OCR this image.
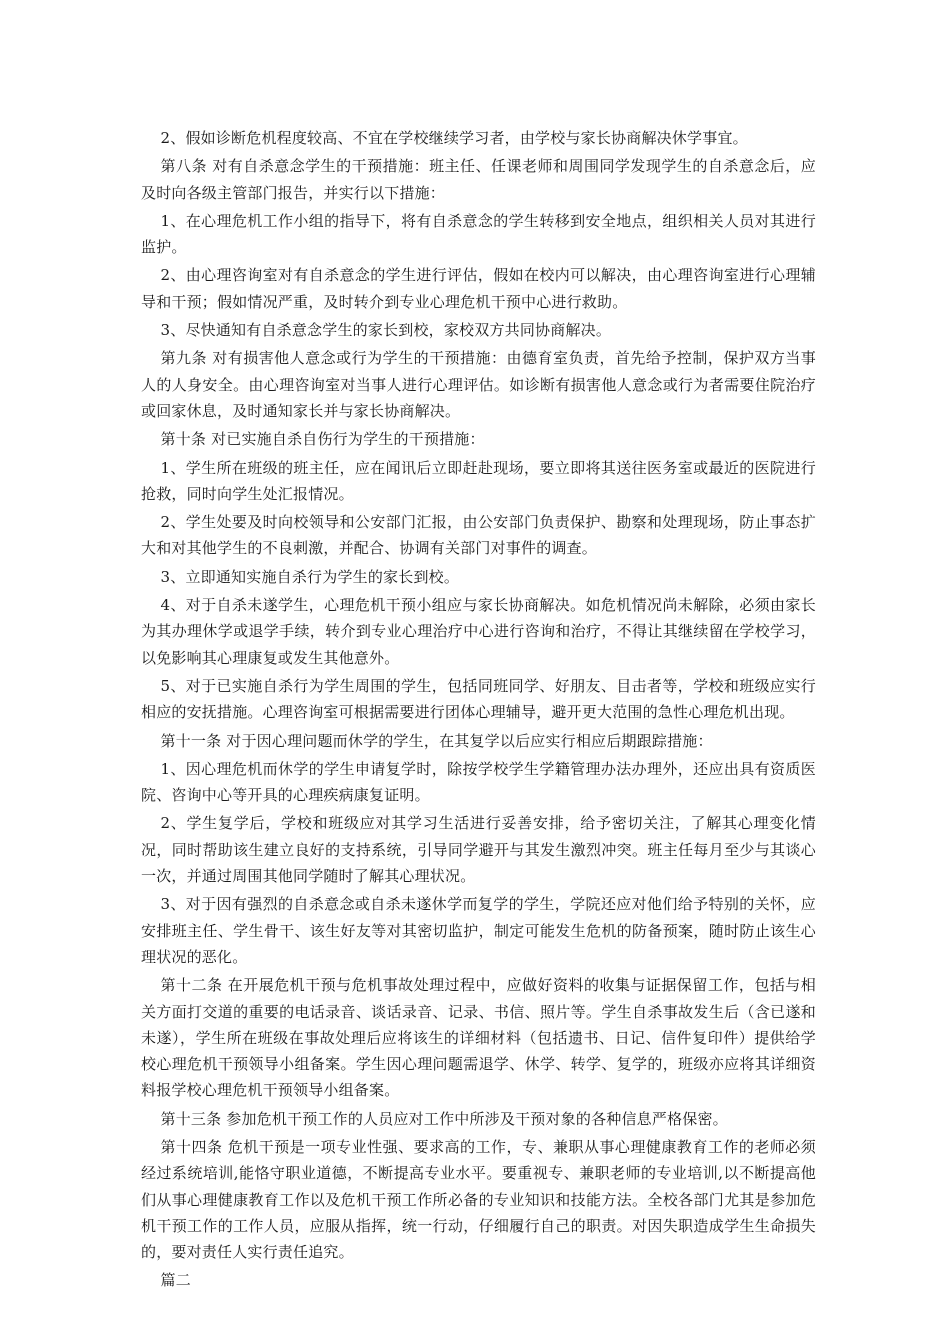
2、假如诊断危机程度较高、不宜在学校继续学习者，由学校与家长协商解决休学事宜。

第八条 对有自杀意念学生的干预措施：班主任、任课老师和周围同学发现学生的自杀意念后，应及时向各级主管部门报告，并实行以下措施：

1、在心理危机工作小组的指导下，将有自杀意念的学生转移到安全地点，组织相关人员对其进行监护。

2、由心理咨询室对有自杀意念的学生进行评估，假如在校内可以解决，由心理咨询室进行心理辅导和干预；假如情况严重，及时转介到专业心理危机干预中心进行救助。

3、尽快通知有自杀意念学生的家长到校，家校双方共同协商解决。

第九条 对有损害他人意念或行为学生的干预措施：由德育室负责，首先给予控制，保护双方当事人的人身安全。由心理咨询室对当事人进行心理评估。如诊断有损害他人意念或行为者需要住院治疗或回家休息，及时通知家长并与家长协商解决。

第十条 对已实施自杀自伤行为学生的干预措施：

1、学生所在班级的班主任，应在闻讯后立即赶赴现场，要立即将其送往医务室或最近的医院进行抢救，同时向学生处汇报情况。

2、学生处要及时向校领导和公安部门汇报，由公安部门负责保护、勘察和处理现场，防止事态扩大和对其他学生的不良刺激，并配合、协调有关部门对事件的调查。

3、立即通知实施自杀行为学生的家长到校。

4、对于自杀未遂学生，心理危机干预小组应与家长协商解决。如危机情况尚未解除，必须由家长为其办理休学或退学手续，转介到专业心理治疗中心进行咨询和治疗，不得让其继续留在学校学习，以免影响其心理康复或发生其他意外。

5、对于已实施自杀行为学生周围的学生，包括同班同学、好朋友、目击者等，学校和班级应实行相应的安抚措施。心理咨询室可根据需要进行团体心理辅导，避开更大范围的急性心理危机出现。

第十一条 对于因心理问题而休学的学生，在其复学以后应实行相应后期跟踪措施：

1、因心理危机而休学的学生申请复学时，除按学校学生学籍管理办法办理外，还应出具有资质医院、咨询中心等开具的心理疾病康复证明。

2、学生复学后，学校和班级应对其学习生活进行妥善安排，给予密切关注，了解其心理变化情况，同时帮助该生建立良好的支持系统，引导同学避开与其发生激烈冲突。班主任每月至少与其谈心一次，并通过周围其他同学随时了解其心理状况。

3、对于因有强烈的自杀意念或自杀未遂休学而复学的学生，学院还应对他们给予特别的关怀，应安排班主任、学生骨干、该生好友等对其密切监护，制定可能发生危机的防备预案，随时防止该生心理状况的恶化。

第十二条 在开展危机干预与危机事故处理过程中，应做好资料的收集与证据保留工作，包括与相关方面打交道的重要的电话录音、谈话录音、记录、书信、照片等。学生自杀事故发生后（含已遂和未遂），学生所在班级在事故处理后应将该生的详细材料（包括遗书、日记、信件复印件）提供给学校心理危机干预领导小组备案。学生因心理问题需退学、休学、转学、复学的，班级亦应将其详细资料报学校心理危机干预领导小组备案。

第十三条 参加危机干预工作的人员应对工作中所涉及干预对象的各种信息严格保密。

第十四条 危机干预是一项专业性强、要求高的工作，专、兼职从事心理健康教育工作的老师必须经过系统培训,能恪守职业道德，不断提高专业水平。要重视专、兼职老师的专业培训,以不断提高他们从事心理健康教育工作以及危机干预工作所必备的专业知识和技能方法。全校各部门尤其是参加危机干预工作的工作人员，应服从指挥，统一行动，仔细履行自己的职责。对因失职造成学生生命损失的，要对责任人实行责任追究。

篇二
